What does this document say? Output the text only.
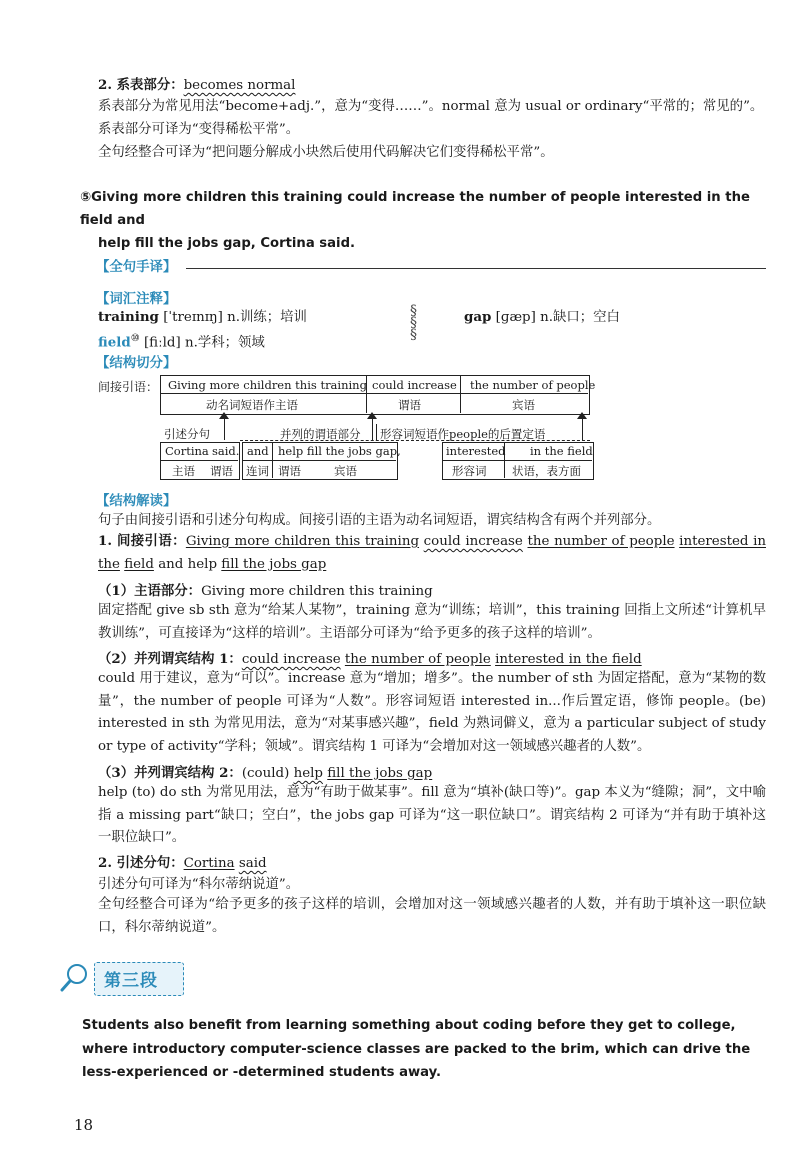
2. 系表部分：becomes normal
系表部分为常见用法“become+adj.”，意为“变得……”。normal 意为 usual or ordinary“平常的；常见的”。
系表部分可译为“变得稀松平常”。
全句经整合可译为“把问题分解成小块然后使用代码解决它们变得稀松平常”。
⑤Giving more children this training could increase the number of people interested in the field and
help fill the jobs gap, Cortina said.
【全句手译】
【词汇注释】
training [ˈtreɪnɪŋ] n.训练；培训
field⑩ [fiːld] n.学科；领域
§
§
§
gap [ɡæp] n.缺口；空白
【结构切分】
间接引语： Giving more children this training
动名词短语作主语
could increase
谓语
the number of people
宾语
引述分句	并列的谓语部分 形容词短语作people的后置定语
Cortina said.
主语 谓语
and help fill the jobs gap,
连词 谓语	宾语
interested in the field
形容词 状语，表方面
【结构解读】
句子由间接引语和引述分句构成。间接引语的主语为动名词短语，谓宾结构含有两个并列部分。
1. 间接引语：Giving more children this training could increase the number of people interested in the field and help fill the jobs gap
（1）主语部分：Giving more children this training
固定搭配 give sb sth 意为“给某人某物”，training 意为“训练；培训”，this training 回指上文所述“计算机早教训练”，可直接译为“这样的培训”。主语部分可译为“给予更多的孩子这样的培训”。
（2）并列谓宾结构 1：could increase the number of people interested in the field
could 用于建议，意为“可以”。increase 意为“增加；增多”。the number of sth 为固定搭配，意为“某物的数量”，the number of people 可译为“人数”。形容词短语 interested in...作后置定语，修饰 people。(be) interested in sth 为常见用法，意为“对某事感兴趣”，field 为熟词僻义，意为 a particular subject of study or type of activity“学科；领域”。谓宾结构 1 可译为“会增加对这一领域感兴趣者的人数”。
（3）并列谓宾结构 2：(could) help fill the jobs gap
help (to) do sth 为常见用法，意为“有助于做某事”。fill 意为“填补(缺口等)”。gap 本义为“缝隙；洞”，文中喻指 a missing part“缺口；空白”，the jobs gap 可译为“这一职位缺口”。谓宾结构 2 可译为“并有助于填补这一职位缺口”。
2. 引述分句：Cortina said
引述分句可译为“科尔蒂纳说道”。
全句经整合可译为“给予更多的孩子这样的培训，会增加对这一领域感兴趣者的人数，并有助于填补这一职位缺口，科尔蒂纳说道”。
第三段
Students also benefit from learning something about coding before they get to college, where introductory computer-science classes are packed to the brim, which can drive the less-experienced or -determined students away.
18
